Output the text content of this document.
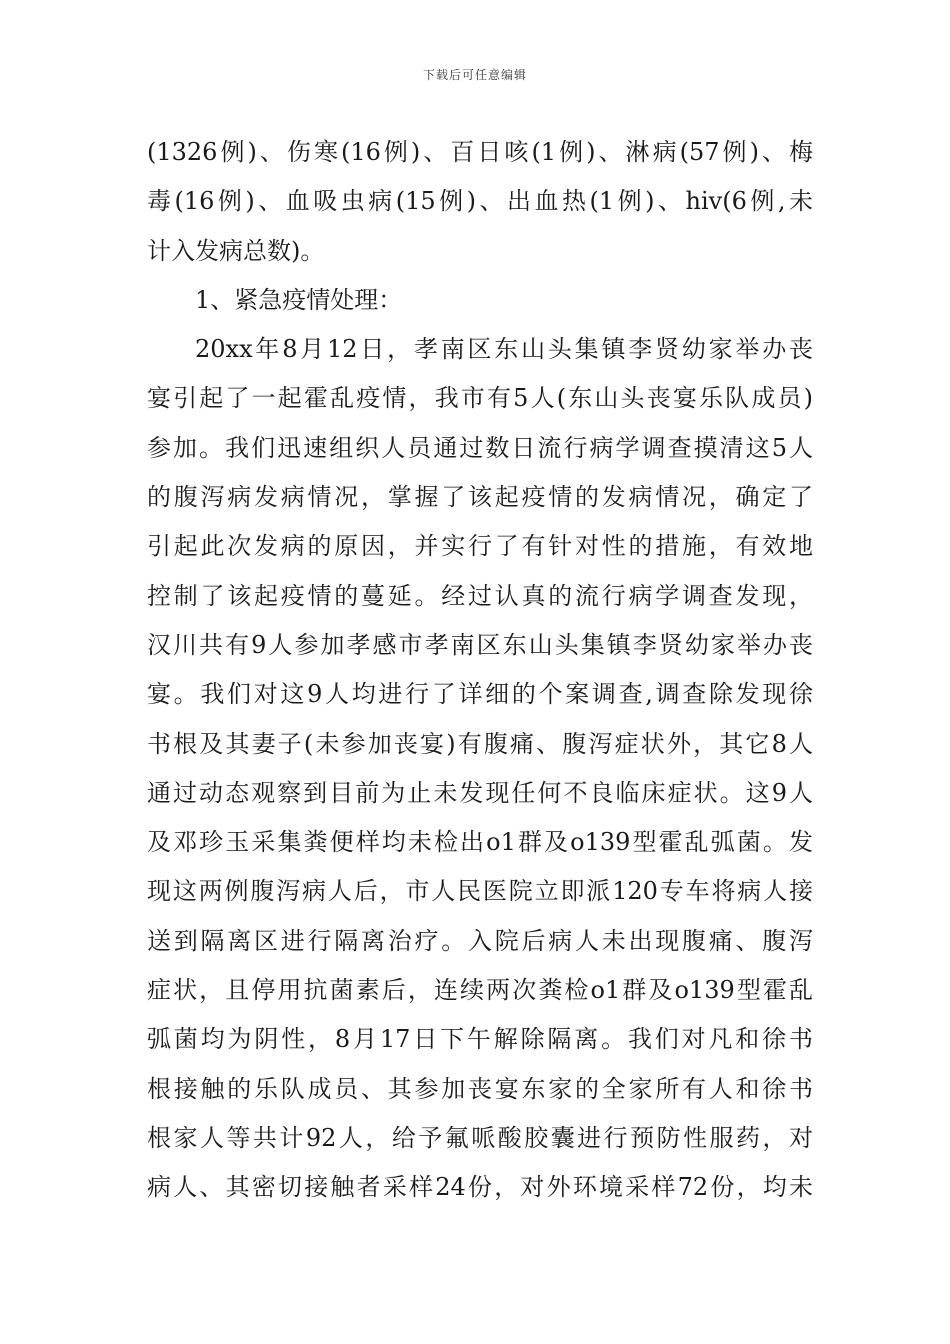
下载后可任意编辑
(1326例)、伤寒(16例)、百日咳(1例)、淋病(57例)、梅
毒(16例)、血吸虫病(15例)、出血热(1例)、hiv(6例,未
计入发病总数)。
1、紧急疫情处理：
20xx年8月12日，孝南区东山头集镇李贤幼家举办丧
宴引起了一起霍乱疫情，我市有5人(东山头丧宴乐队成员)
参加。我们迅速组织人员通过数日流行病学调查摸清这5人
的腹泻病发病情况，掌握了该起疫情的发病情况，确定了
引起此次发病的原因，并实行了有针对性的措施，有效地
控制了该起疫情的蔓延。经过认真的流行病学调查发现，
汉川共有9人参加孝感市孝南区东山头集镇李贤幼家举办丧
宴。我们对这9人均进行了详细的个案调查,调查除发现徐
书根及其妻子(未参加丧宴)有腹痛、腹泻症状外，其它8人
通过动态观察到目前为止未发现任何不良临床症状。这9人
及邓珍玉采集粪便样均未检出o1群及o139型霍乱弧菌。发
现这两例腹泻病人后，市人民医院立即派120专车将病人接
送到隔离区进行隔离治疗。入院后病人未出现腹痛、腹泻
症状，且停用抗菌素后，连续两次粪检o1群及o139型霍乱
弧菌均为阴性，8月17日下午解除隔离。我们对凡和徐书
根接触的乐队成员、其参加丧宴东家的全家所有人和徐书
根家人等共计92人，给予氟哌酸胶囊进行预防性服药，对
病人、其密切接触者采样24份，对外环境采样72份，均未
